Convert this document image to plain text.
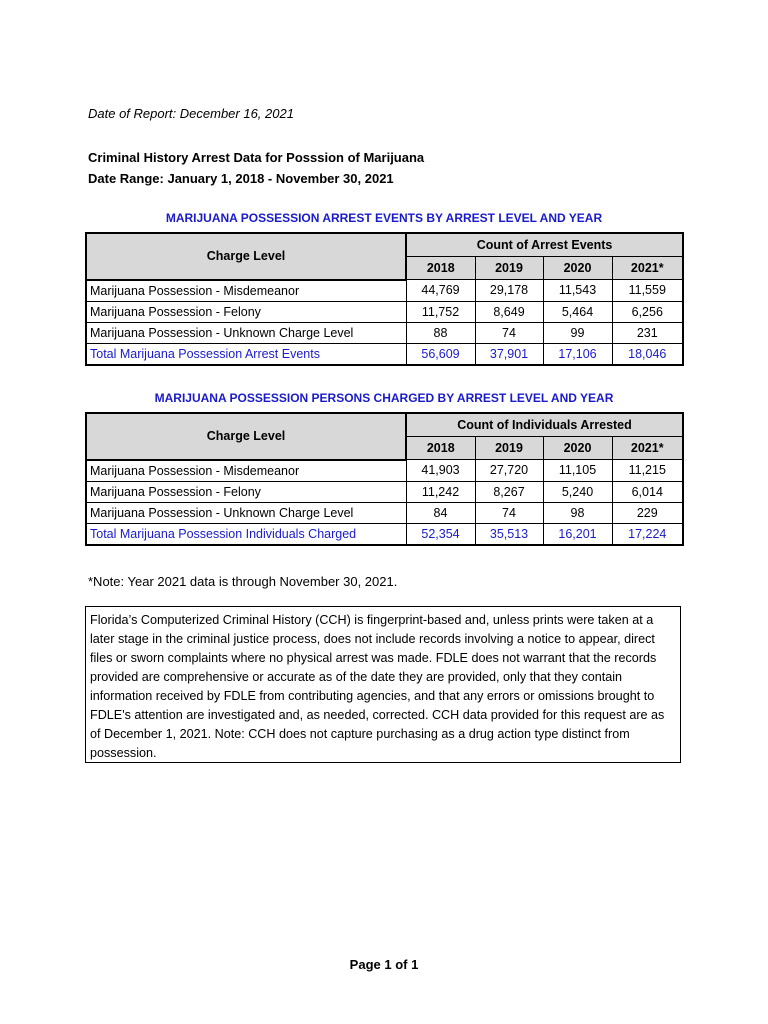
Date of Report: December 16, 2021
Criminal History Arrest Data for Posssion of Marijuana
Date Range: January 1, 2018 - November 30, 2021
MARIJUANA POSSESSION ARREST EVENTS BY ARREST LEVEL AND YEAR
Charge Level	Count of Arrest Events			
	2018	2019	2020	2021*
Marijuana Possession - Misdemeanor	44,769	29,178	11,543	11,559
Marijuana Possession - Felony	11,752	8,649	5,464	6,256
Marijuana Possession - Unknown Charge Level	88	74	99	231
Total Marijuana Possession Arrest Events	56,609	37,901	17,106	18,046
MARIJUANA POSSESSION PERSONS CHARGED BY ARREST LEVEL AND YEAR
Charge Level	Count of Individuals Arrested			
	2018	2019	2020	2021*
Marijuana Possession - Misdemeanor	41,903	27,720	11,105	11,215
Marijuana Possession - Felony	11,242	8,267	5,240	6,014
Marijuana Possession - Unknown Charge Level	84	74	98	229
Total Marijuana Possession Individuals Charged	52,354	35,513	16,201	17,224
*Note: Year 2021 data is through November 30, 2021.
Florida’s Computerized Criminal History (CCH) is fingerprint-based and, unless prints were taken at a later stage in the criminal justice process, does not include records involving a notice to appear, direct files or sworn complaints where no physical arrest was made. FDLE does not warrant that the records provided are comprehensive or accurate as of the date they are provided, only that they contain information received by FDLE from contributing agencies, and that any errors or omissions brought to FDLE's attention are investigated and, as needed, corrected. CCH data provided for this request are as of December 1, 2021. Note: CCH does not capture purchasing as a drug action type distinct from possession.
Page 1 of 1
